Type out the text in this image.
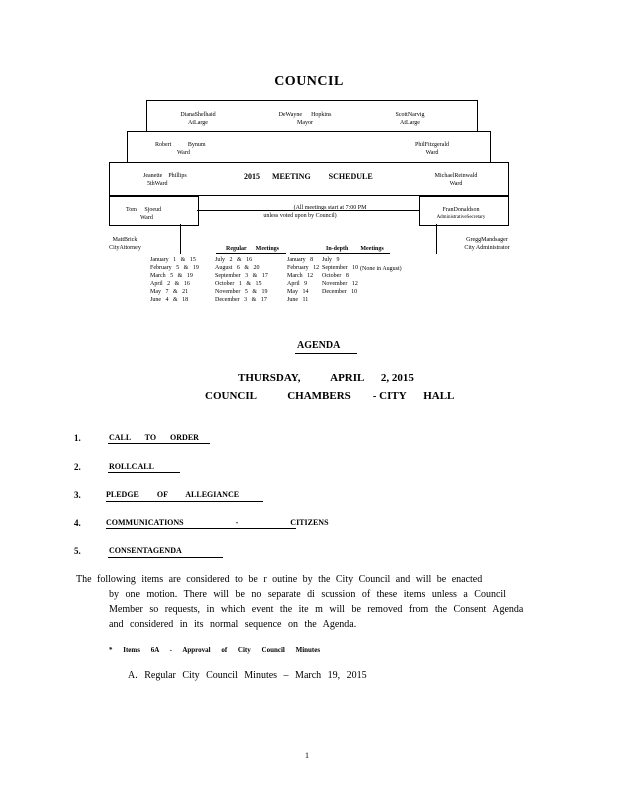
COUNCIL
DianaShelhaid
AtLarge
DeWayne Hopkins
Mayor
ScottNarvig
AtLarge
Robert	Bynum
Ward
PhilFitzgerald
Ward
Jeanette Phillips
5thWard
2015 MEETING SCHEDULE	MichaelReinwald
Ward
Tom Sjoeud
Ward
(All meetings start at 7:00 PM
unless voted upon by Council)
FranDonaldson
AdministrativeSecretary
MattBrick
CityAttorney
GreggMandsager
City Administrator
Regular Meetings	In-depth Meetings
January 1 & 15
February 5 & 19
March 5 & 19
April 2 & 16
May 7 & 21
June 4 & 18
July 2 & 16
August 6 & 20
September 3 & 17
October 1 & 15
November 5 & 19
December 3 & 17
January 8
February 12
March 12
April 9
May 14
June 11
July 9
September 10
October 8
November 12
December 10
(None in August)
AGENDA
THURSDAY,	APRIL 2, 2015
COUNCIL	CHAMBERS - CITY HALL
1.	CALL TO ORDER
2.	ROLLCALL
3.	PLEDGE OF ALLEGIANCE
4.	COMMUNICATIONS - CITIZENS
5.	CONSENTAGENDA
The following items are considered to be r outine by the City Council and will be enacted
by one motion. There will be no separate di scussion of these items unless a Council
Member so requests, in which event the ite m will be removed from the Consent Agenda
and considered in its normal sequence on the Agenda.
* Items 6A - Approval of City Council Minutes
A. Regular City Council Minutes – March 19, 2015
1
